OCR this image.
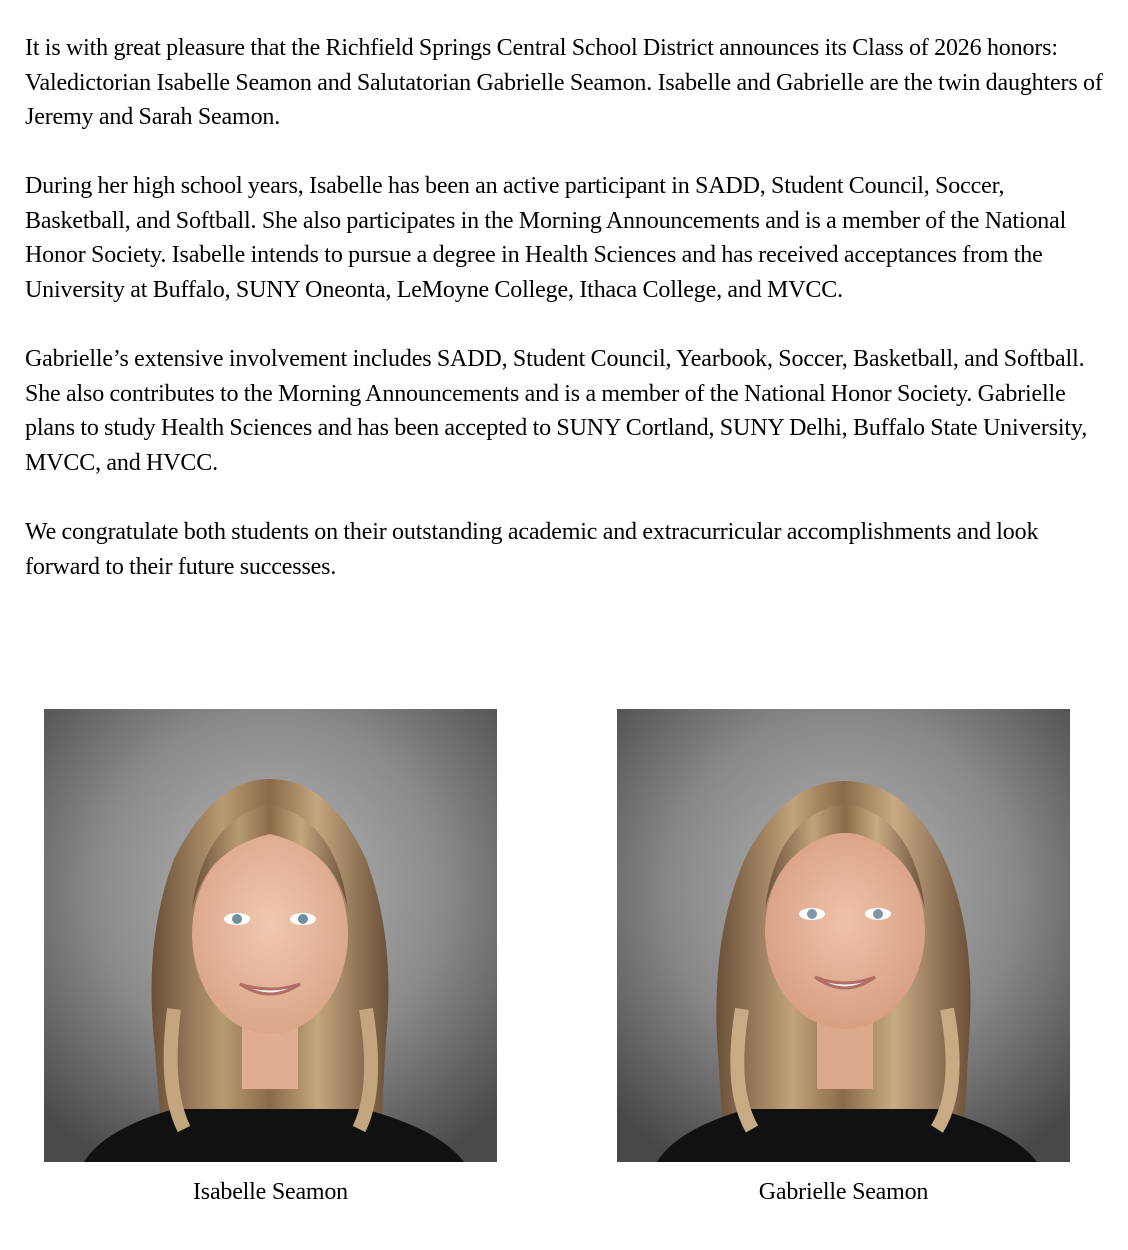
It is with great pleasure that the Richfield Springs Central School District announces its Class of 2026 honors: Valedictorian Isabelle Seamon and Salutatorian Gabrielle Seamon. Isabelle and Gabrielle are the twin daughters of Jeremy and Sarah Seamon.

During her high school years, Isabelle has been an active participant in SADD, Student Council, Soccer, Basketball, and Softball. She also participates in the Morning Announcements and is a member of the National Honor Society. Isabelle intends to pursue a degree in Health Sciences and has received acceptances from the University at Buffalo, SUNY Oneonta, LeMoyne College, Ithaca College, and MVCC.

Gabrielle’s extensive involvement includes SADD, Student Council, Yearbook, Soccer, Basketball, and Softball. She also contributes to the Morning Announcements and is a member of the National Honor Society. Gabrielle plans to study Health Sciences and has been accepted to SUNY Cortland, SUNY Delhi, Buffalo State University, MVCC, and HVCC.

We congratulate both students on their outstanding academic and extracurricular accomplishments and look forward to their future successes.

Isabelle Seamon	Gabrielle Seamon
